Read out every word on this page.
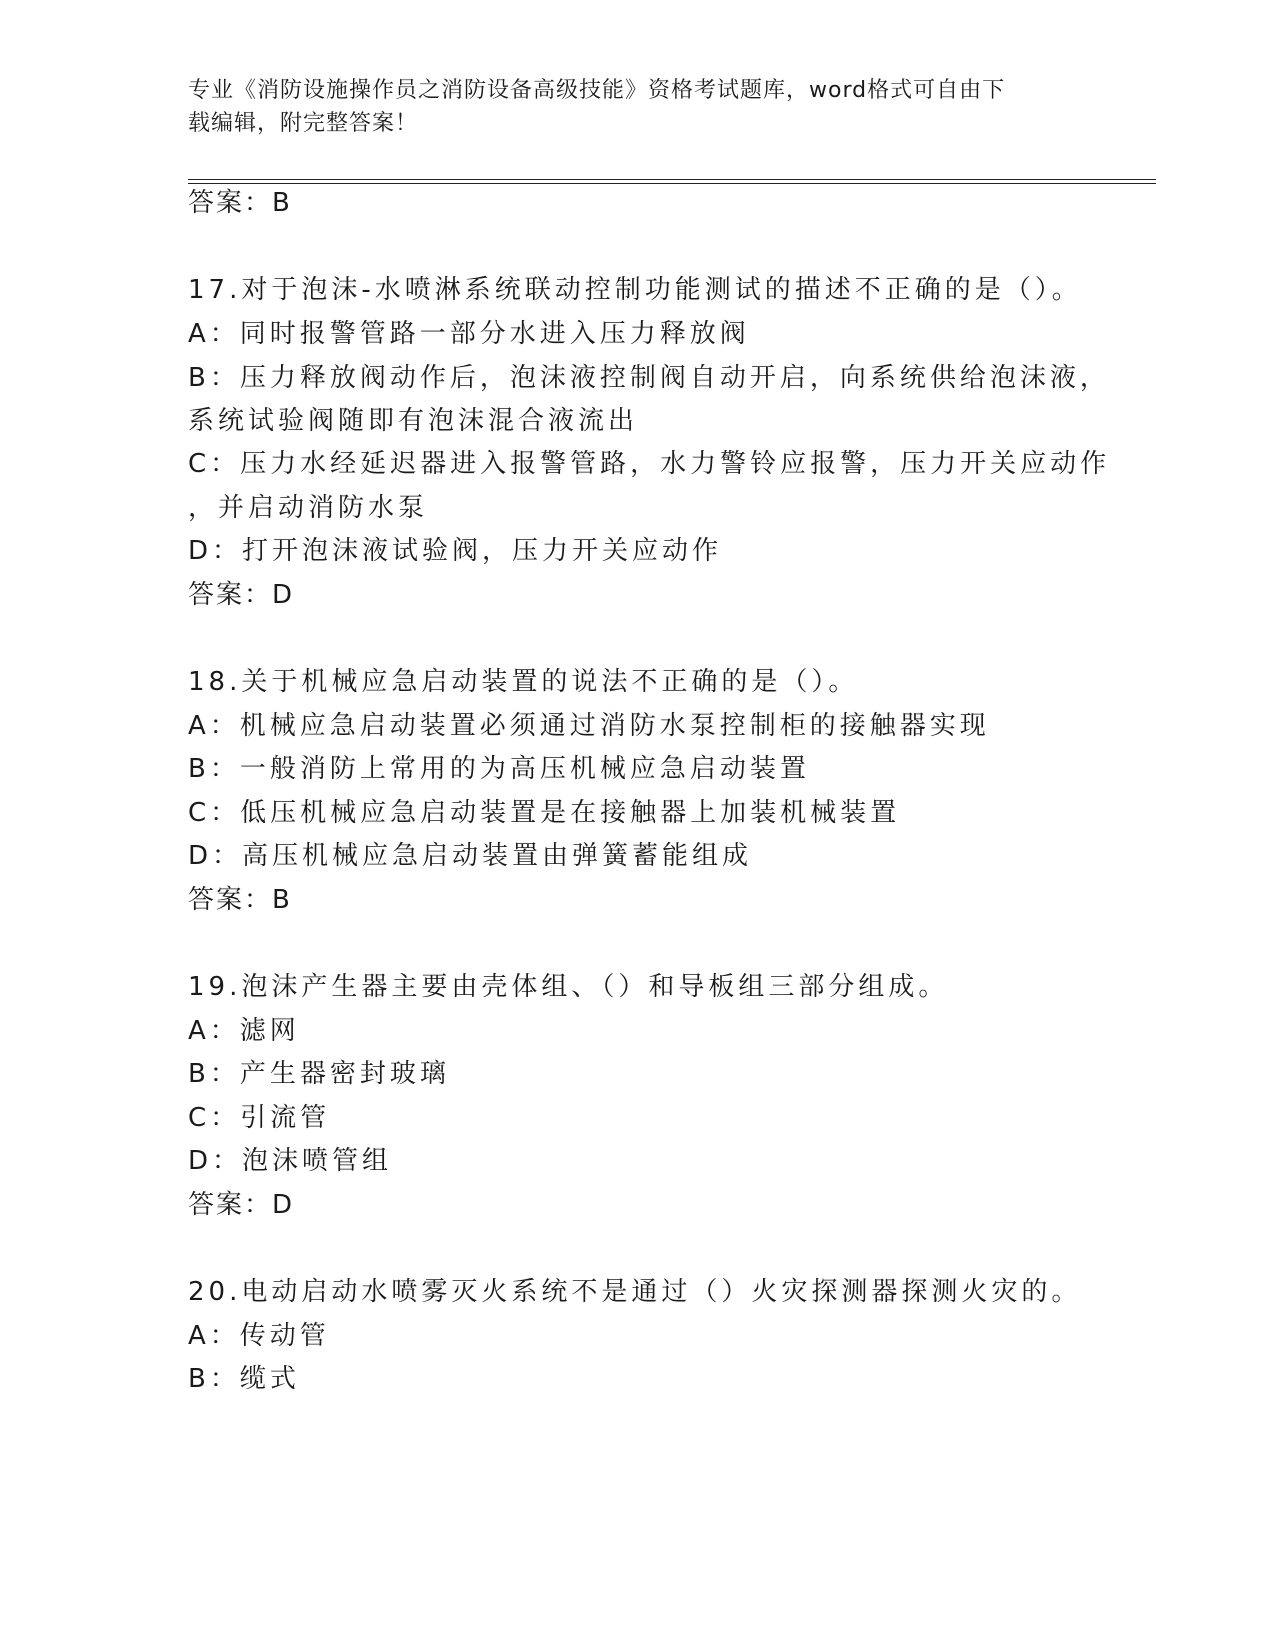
专业《消防设施操作员之消防设备高级技能》资格考试题库，word格式可自由下
载编辑，附完整答案！
答案：B
17.对于泡沫-水喷淋系统联动控制功能测试的描述不正确的是（）。
A：同时报警管路一部分水进入压力释放阀
B：压力释放阀动作后，泡沫液控制阀自动开启，向系统供给泡沫液，
系统试验阀随即有泡沫混合液流出
C：压力水经延迟器进入报警管路，水力警铃应报警，压力开关应动作
，并启动消防水泵
D：打开泡沫液试验阀，压力开关应动作
答案：D
18.关于机械应急启动装置的说法不正确的是（）。
A：机械应急启动装置必须通过消防水泵控制柜的接触器实现
B：一般消防上常用的为高压机械应急启动装置
C：低压机械应急启动装置是在接触器上加装机械装置
D：高压机械应急启动装置由弹簧蓄能组成
答案：B
19.泡沫产生器主要由壳体组、（）和导板组三部分组成。
A：滤网
B：产生器密封玻璃
C：引流管
D：泡沫喷管组
答案：D
20.电动启动水喷雾灭火系统不是通过（）火灾探测器探测火灾的。
A：传动管
B：缆式
